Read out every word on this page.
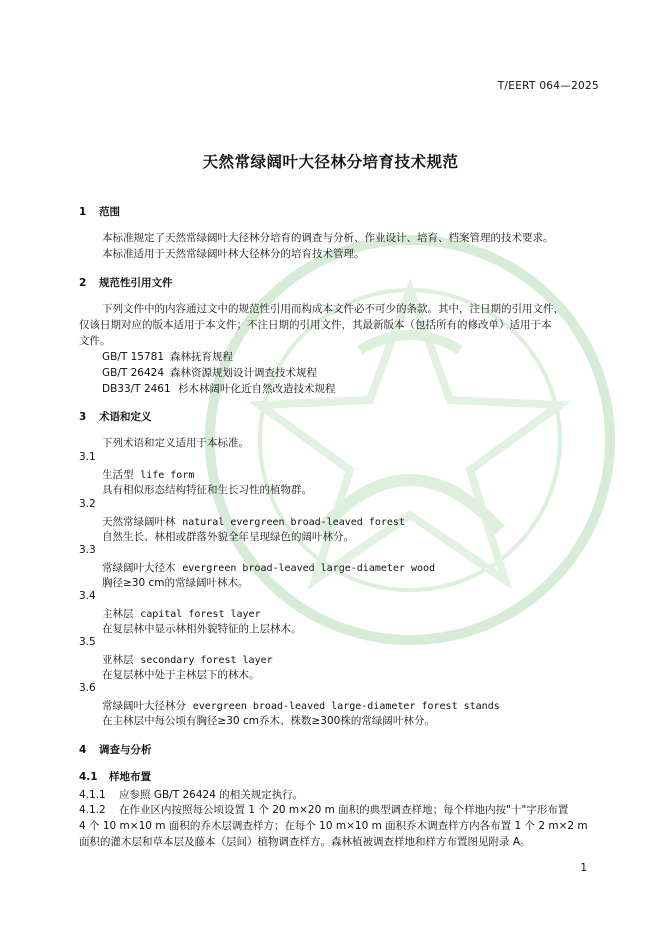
T/EERT 064—2025
天然常绿阔叶大径林分培育技术规范
1 范围
本标准规定了天然常绿阔叶大径林分培育的调查与分析、作业设计、培育、档案管理的技术要求。
本标准适用于天然常绿阔叶林大径林分的培育技术管理。
2 规范性引用文件
下列文件中的内容通过文中的规范性引用而构成本文件必不可少的条款。其中，注日期的引用文件，
仅该日期对应的版本适用于本文件；不注日期的引用文件，其最新版本（包括所有的修改单）适用于本
文件。
GB/T 15781 森林抚育规程
GB/T 26424 森林资源规划设计调查技术规程
DB33/T 2461 杉木林阔叶化近自然改造技术规程
3 术语和定义
下列术语和定义适用于本标准。
3.1
生活型 life form
具有相似形态结构特征和生长习性的植物群。
3.2
天然常绿阔叶林 natural evergreen broad-leaved forest
自然生长、林相或群落外貌全年呈现绿色的阔叶林分。
3.3
常绿阔叶大径木 evergreen broad-leaved large-diameter wood
胸径≥30 cm的常绿阔叶林木。
3.4
主林层 capital forest layer
在复层林中显示林相外貌特征的上层林木。
3.5
亚林层 secondary forest layer
在复层林中处于主林层下的林木。
3.6
常绿阔叶大径林分 evergreen broad-leaved large-diameter forest stands
在主林层中每公顷有胸径≥30 cm乔木、株数≥300株的常绿阔叶林分。
4 调查与分析
4.1 样地布置
4.1.1 应参照 GB/T 26424 的相关规定执行。
4.1.2 在作业区内按照每公顷设置 1 个 20 m×20 m 面积的典型调查样地；每个样地内按"十"字形布置
4 个 10 m×10 m 面积的乔木层调查样方；在每个 10 m×10 m 面积乔木调查样方内各布置 1 个 2 m×2 m
面积的灌木层和草本层及藤本（层间）植物调查样方。森林植被调查样地和样方布置图见附录 A。
1
